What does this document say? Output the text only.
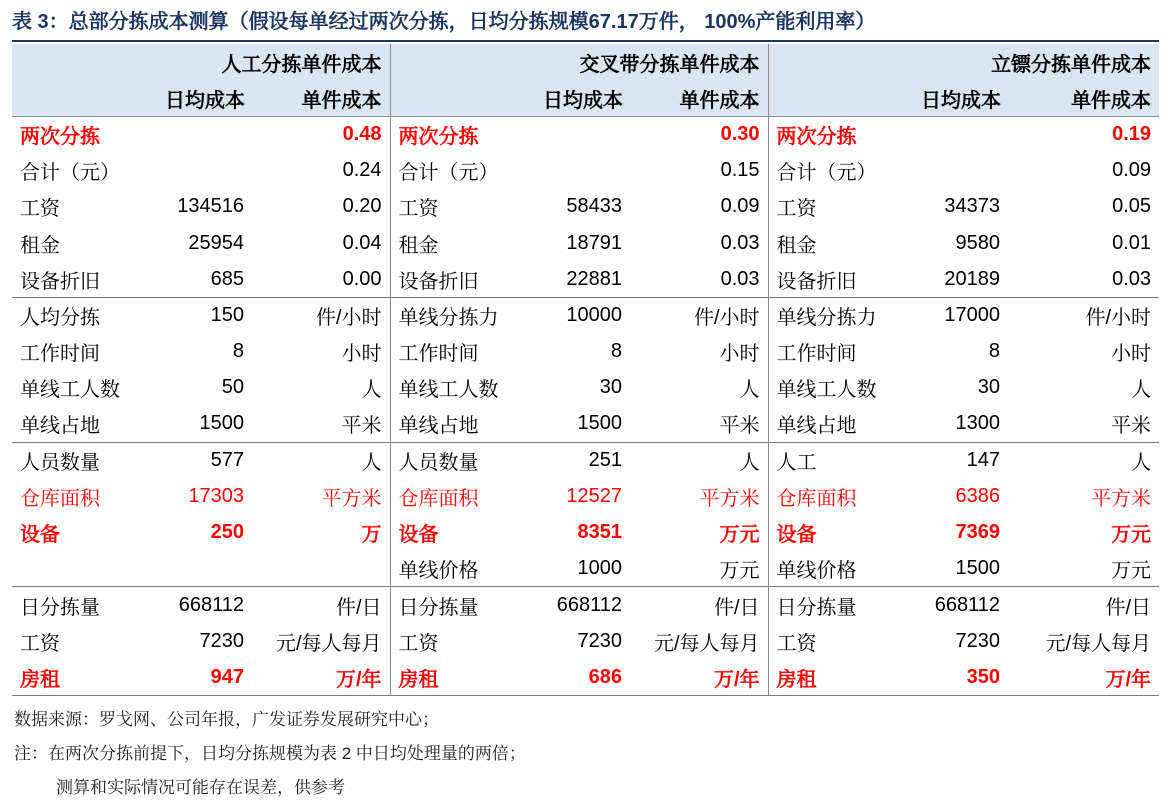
表 3：总部分拣成本测算（假设每单经过两次分拣，日均分拣规模67.17万件， 100%产能利用率）
人工分拣单件成本			交叉带分拣单件成本			立镖分拣单件成本		
	日均成本	单件成本		日均成本	单件成本		日均成本	单件成本
两次分拣		0.48	两次分拣		0.30	两次分拣		0.19
合计（元）		0.24	合计（元）		0.15	合计（元）		0.09
工资	134516	0.20	工资	58433	0.09	工资	34373	0.05
租金	25954	0.04	租金	18791	0.03	租金	9580	0.01
设备折旧	685	0.00	设备折旧	22881	0.03	设备折旧	20189	0.03
人均分拣	150	件/小时	单线分拣力	10000	件/小时	单线分拣力	17000	件/小时
工作时间	8	小时	工作时间	8	小时	工作时间	8	小时
单线工人数	50	人	单线工人数	30	人	单线工人数	30	人
单线占地	1500	平米	单线占地	1500	平米	单线占地	1300	平米
人员数量	577	人	人员数量	251	人	人工	147	人
仓库面积	17303	平方米	仓库面积	12527	平方米	仓库面积	6386	平方米
设备	250	万	设备	8351	万元	设备	7369	万元
			单线价格	1000	万元	单线价格	1500	万元
日分拣量	668112	件/日	日分拣量	668112	件/日	日分拣量	668112	件/日
工资	7230	元/每人每月	工资	7230	元/每人每月	工资	7230	元/每人每月
房租	947	万/年	房租	686	万/年	房租	350	万/年
数据来源：罗戈网、公司年报，广发证券发展研究中心；
注：在两次分拣前提下，日均分拣规模为表 2 中日均处理量的两倍；
测算和实际情况可能存在误差，供参考
